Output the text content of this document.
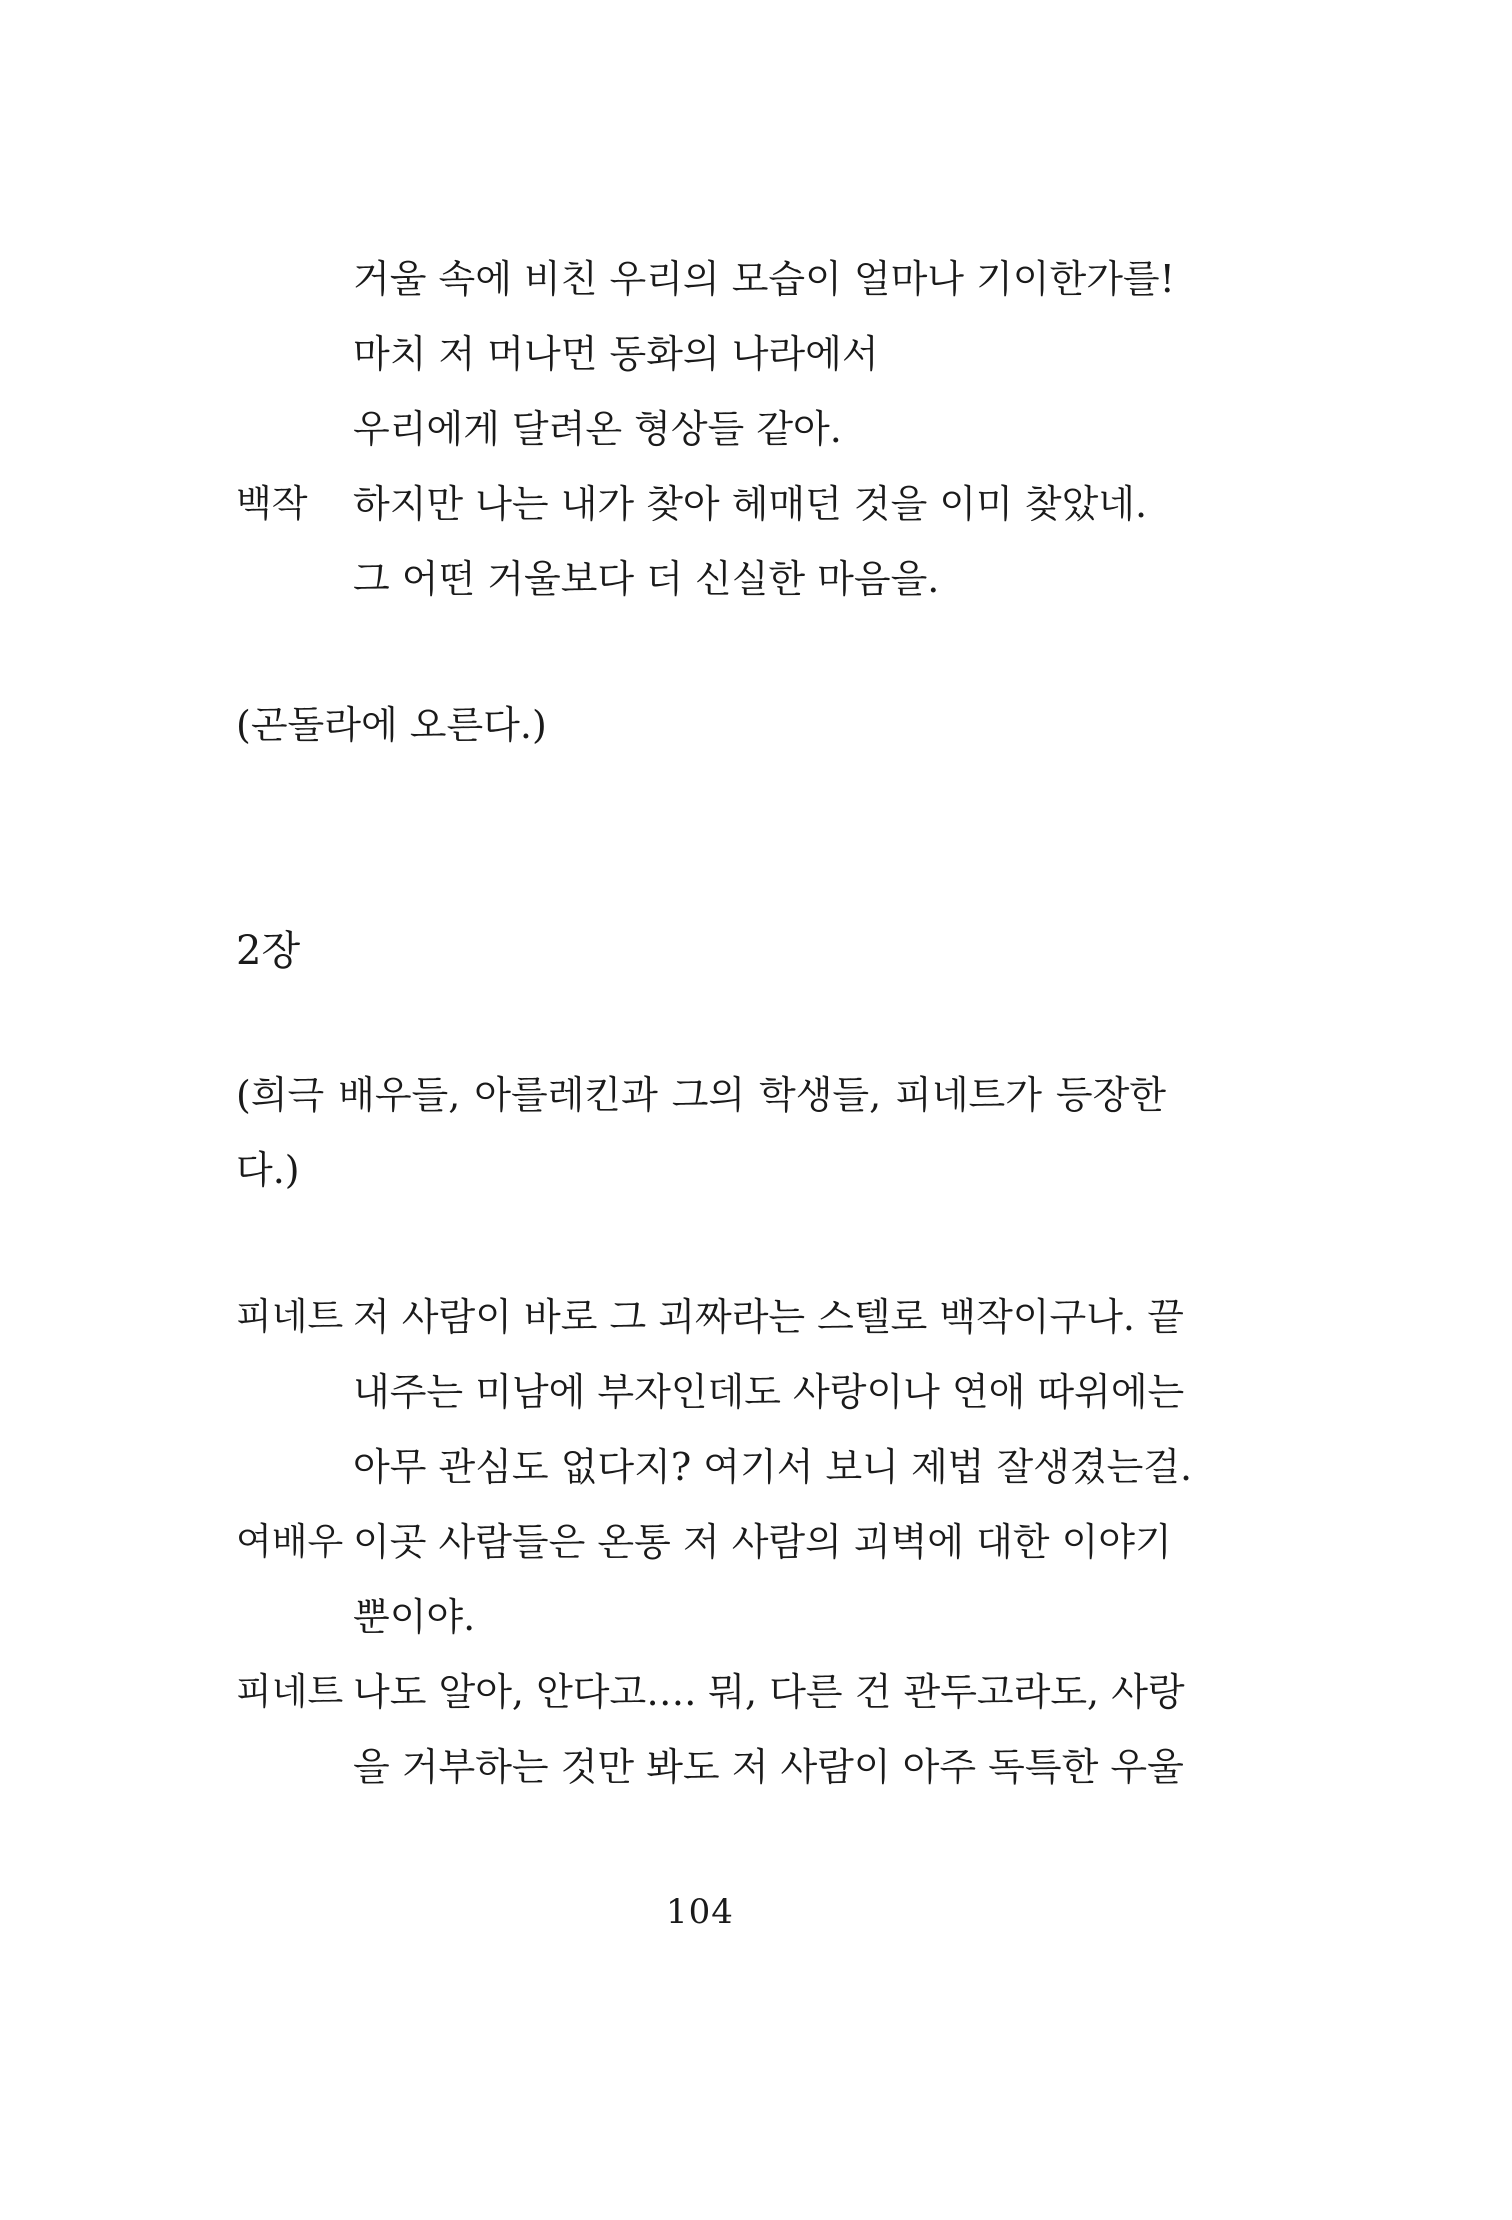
거울 속에 비친 우리의 모습이 얼마나 기이한가를!
마치 저 머나먼 동화의 나라에서
우리에게 달려온 형상들 같아.
백작 하지만 나는 내가 찾아 헤매던 것을 이미 찾았네.
그 어떤 거울보다 더 신실한 마음을.
(곤돌라에 오른다.)
2장
(희극 배우들, 아를레킨과 그의 학생들, 피네트가 등장한
다.)
피네트 저 사람이 바로 그 괴짜라는 스텔로 백작이구나. 끝
내주는 미남에 부자인데도 사랑이나 연애 따위에는
아무 관심도 없다지? 여기서 보니 제법 잘생겼는걸.
여배우 이곳 사람들은 온통 저 사람의 괴벽에 대한 이야기
뿐이야.
피네트 나도 알아, 안다고…. 뭐, 다른 건 관두고라도, 사랑
을 거부하는 것만 봐도 저 사람이 아주 독특한 우울
104
